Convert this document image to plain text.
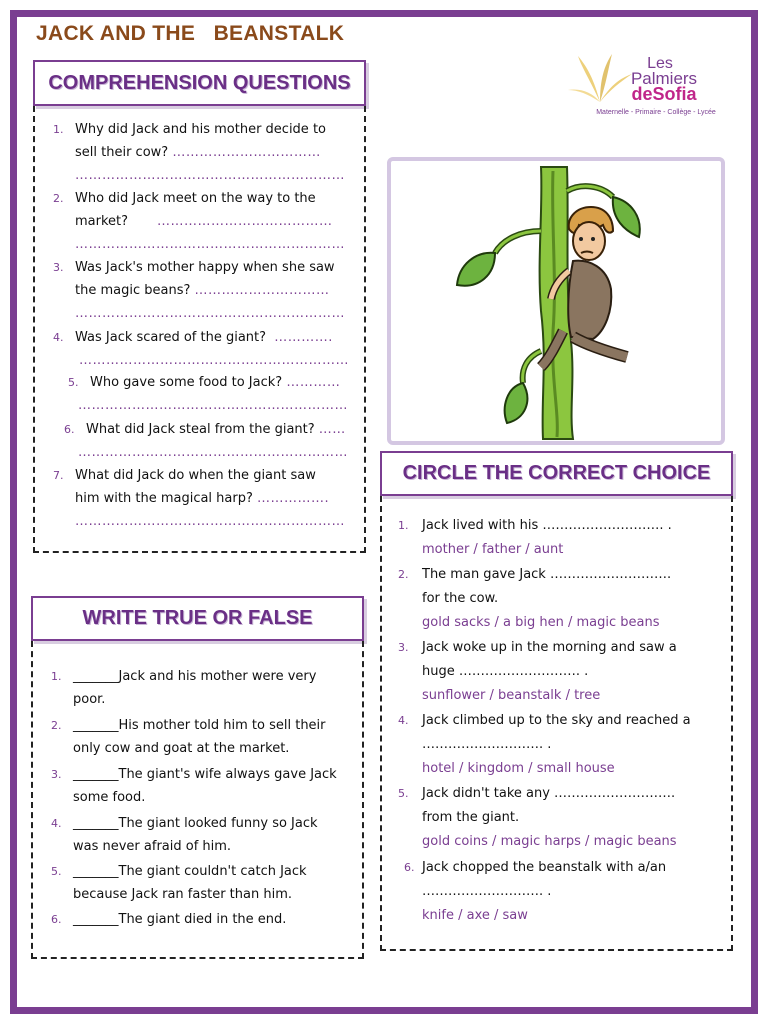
JACK AND THE   BEANSTALK
Les
Palmiers
deSofia
Maternelle - Primaire - Collège - Lycée
COMPREHENSION QUESTIONS
1. Why did Jack and his mother decide to
sell their cow? ……………………………
……………………………………………………
2. Who did Jack meet on the way to the
market? …………………………………
……………………………………………………
3. Was Jack's mother happy when she saw
the magic beans? …………………………
……………………………………………………
4. Was Jack scared of the giant? ………….
……………………………………………………
5. Who gave some food to Jack? …………
……………………………………………………
6. What did Jack steal from the giant? ……
……………………………………………………
7. What did Jack do when the giant saw
him with the magical harp? …………….
……………………………………………………
WRITE TRUE OR FALSE
1. _______Jack and his mother were very
poor.
2. _______His mother told him to sell their
only cow and goat at the market.
3. _______The giant's wife always gave Jack
some food.
4. _______The giant looked funny so Jack
was never afraid of him.
5. _______The giant couldn't catch Jack
because Jack ran faster than him.
6. _______The giant died in the end.
CIRCLE THE CORRECT CHOICE
1. Jack lived with his ………………………. .
mother / father / aunt
2. The man gave Jack ……………………….
for the cow.
gold sacks / a big hen / magic beans
3. Jack woke up in the morning and saw a
huge ………………………. .
sunflower / beanstalk / tree
4. Jack climbed up to the sky and reached a
………………………. .
hotel / kingdom / small house
5. Jack didn't take any ……………………….
from the giant.
gold coins / magic harps / magic beans
6. Jack chopped the beanstalk with a/an
………………………. .
knife / axe / saw
